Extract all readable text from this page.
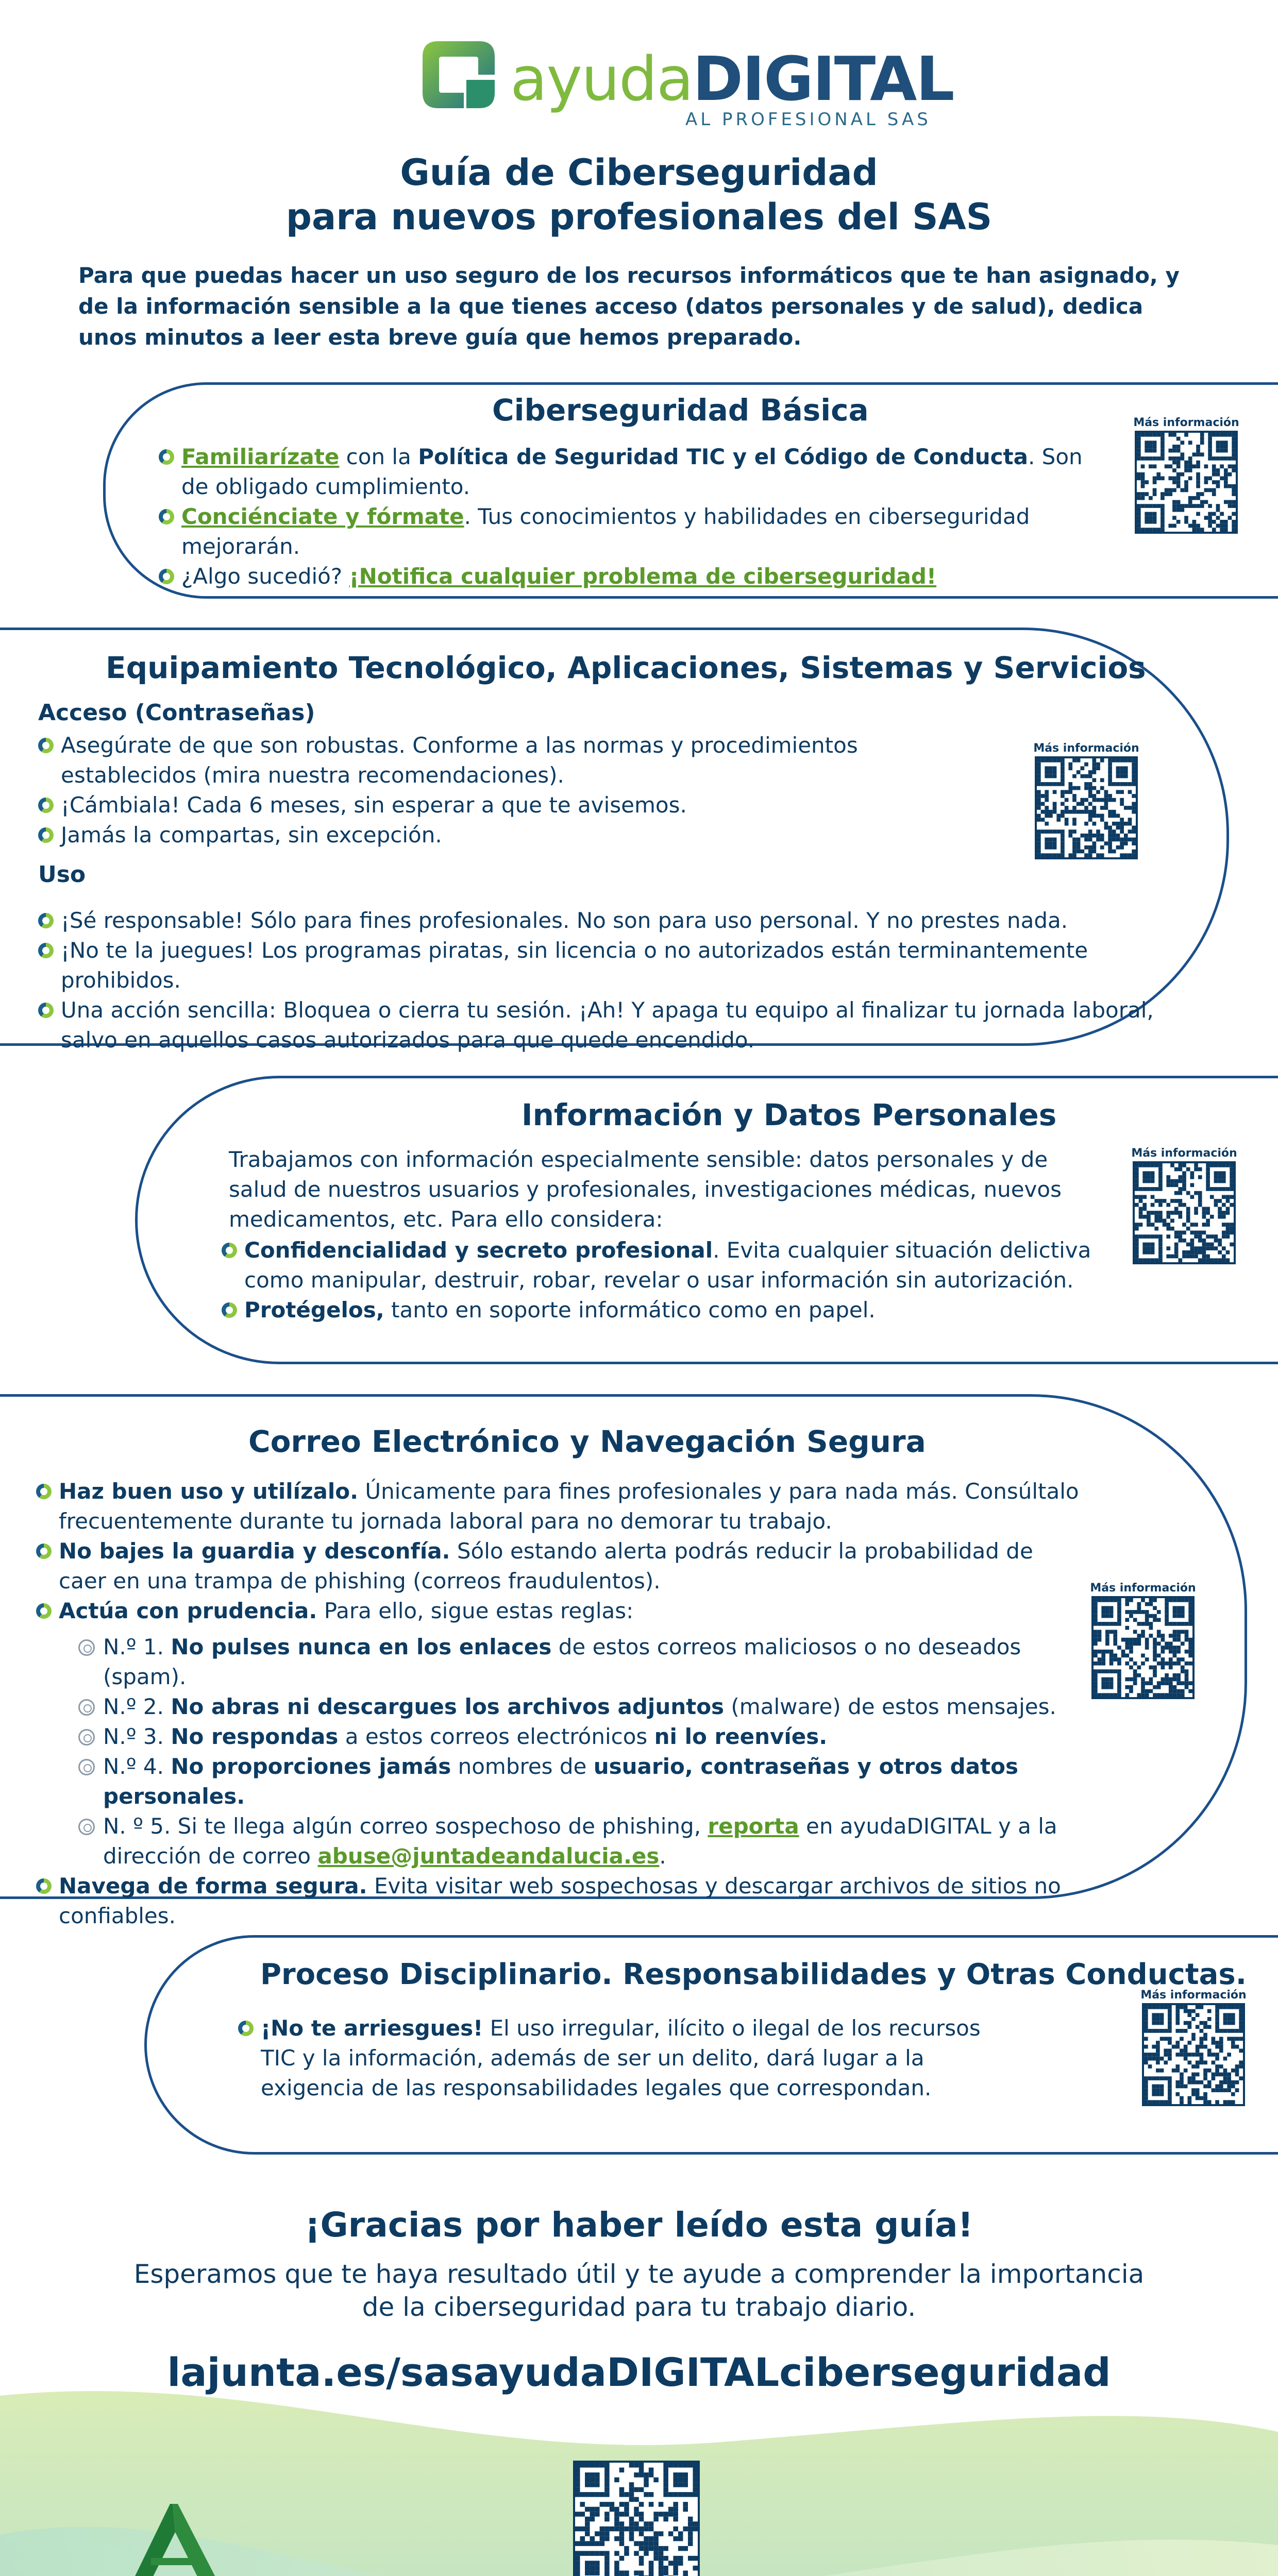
ayudaDIGITAL
AL PROFESIONAL SAS
Guía de Ciberseguridad
para nuevos profesionales del SAS
Para que puedas hacer un uso seguro de los recursos informáticos que te han asignado, y de la información sensible a la que tienes acceso (datos personales y de salud), dedica unos minutos a leer esta breve guía que hemos preparado.
Ciberseguridad Básica
Familiarízate con la Política de Seguridad TIC y el Código de Conducta. Son de obligado cumplimiento.
Conciénciate y fórmate. Tus conocimientos y habilidades en ciberseguridad mejorarán.
¿Algo sucedió? ¡Notifica cualquier problema de ciberseguridad!
Más información
Equipamiento Tecnológico, Aplicaciones, Sistemas y Servicios
Acceso (Contraseñas)
Asegúrate de que son robustas. Conforme a las normas y procedimientos establecidos (mira nuestra recomendaciones).
¡Cámbiala! Cada 6 meses, sin esperar a que te avisemos.
Jamás la compartas, sin excepción.
Uso
¡Sé responsable! Sólo para fines profesionales. No son para uso personal. Y no prestes nada.
¡No te la juegues! Los programas piratas, sin licencia o no autorizados están terminantemente prohibidos.
Una acción sencilla: Bloquea o cierra tu sesión. ¡Ah! Y apaga tu equipo al finalizar tu jornada laboral, salvo en aquellos casos autorizados para que quede encendido.
Más información
Información y Datos Personales
Trabajamos con información especialmente sensible: datos personales y de salud de nuestros usuarios y profesionales, investigaciones médicas, nuevos medicamentos, etc. Para ello considera:
Confidencialidad y secreto profesional. Evita cualquier situación delictiva como manipular, destruir, robar, revelar o usar información sin autorización.
Protégelos, tanto en soporte informático como en papel.
Más información
Correo Electrónico y Navegación Segura
Haz buen uso y utilízalo. Únicamente para fines profesionales y para nada más. Consúltalo frecuentemente durante tu jornada laboral para no demorar tu trabajo.
No bajes la guardia y desconfía. Sólo estando alerta podrás reducir la probabilidad de caer en una trampa de phishing (correos fraudulentos).
Actúa con prudencia. Para ello, sigue estas reglas:
N.º 1. No pulses nunca en los enlaces de estos correos maliciosos o no deseados (spam).
N.º 2. No abras ni descargues los archivos adjuntos (malware) de estos mensajes.
N.º 3. No respondas a estos correos electrónicos ni lo reenvíes.
N.º 4. No proporciones jamás nombres de usuario, contraseñas y otros datos personales.
N. º 5. Si te llega algún correo sospechoso de phishing, reporta en ayudaDIGITAL y a la dirección de correo abuse@juntadeandalucia.es.
Navega de forma segura. Evita visitar web sospechosas y descargar archivos de sitios no confiables.
Más información
Proceso Disciplinario. Responsabilidades y Otras Conductas.
¡No te arriesgues! El uso irregular, ilícito o ilegal de los recursos TIC y la información, además de ser un delito, dará lugar a la exigencia de las responsabilidades legales que correspondan.
Más información
¡Gracias por haber leído esta guía!
Esperamos que te haya resultado útil y te ayude a comprender la importancia
de la ciberseguridad para tu trabajo diario.
lajunta.es/sasayudaDIGITALciberseguridad
